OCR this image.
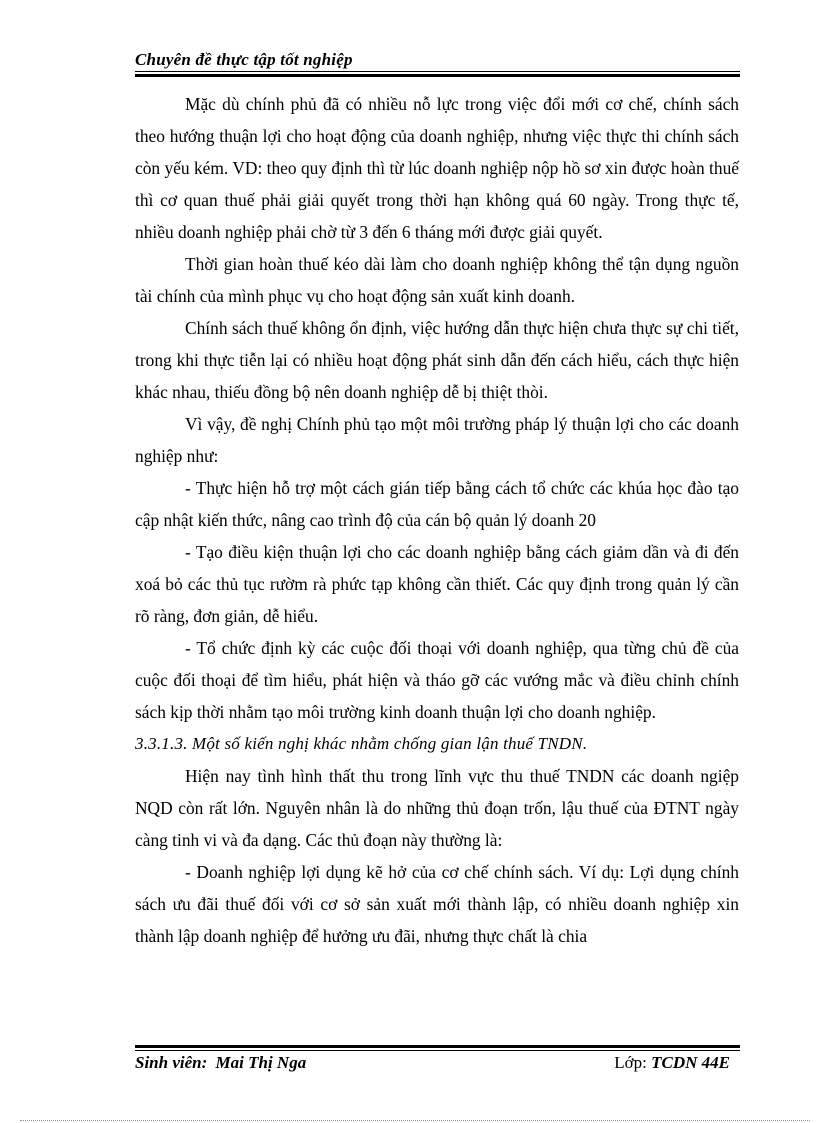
Chuyên đề thực tập tốt nghiệp

Mặc dù chính phủ đã có nhiều nỗ lực trong việc đổi mới cơ chế, chính sách theo hướng thuận lợi cho hoạt động của doanh nghiệp, nhưng việc thực thi chính sách còn yếu kém. VD: theo quy định thì từ lúc doanh nghiệp nộp hồ sơ xin được hoàn thuế thì cơ quan thuế phải giải quyết trong thời hạn không quá 60 ngày. Trong thực tế, nhiều doanh nghiệp phải chờ từ 3 đến 6 tháng mới được giải quyết.

Thời gian hoàn thuế kéo dài làm cho doanh nghiệp không thể tận dụng nguồn tài chính của mình phục vụ cho hoạt động sản xuất kinh doanh.

Chính sách thuế không ổn định, việc hướng dẫn thực hiện chưa thực sự chi tiết, trong khi thực tiễn lại có nhiều hoạt động phát sinh dẫn đến cách hiểu, cách thực hiện khác nhau, thiếu đồng bộ nên doanh nghiệp dễ bị thiệt thòi.

Vì vậy, đề nghị Chính phủ tạo một môi trường pháp lý thuận lợi cho các doanh nghiệp như:

- Thực hiện hỗ trợ một cách gián tiếp bằng cách tổ chức các khúa học đào tạo cập nhật kiến thức, nâng cao trình độ của cán bộ quản lý doanh 20

- Tạo điều kiện thuận lợi cho các doanh nghiệp bằng cách giảm dần và đi đến xoá bỏ các thủ tục rườm rà phức tạp không cần thiết. Các quy định trong quản lý cần rõ ràng, đơn giản, dễ hiểu.

- Tổ chức định kỳ các cuộc đối thoại với doanh nghiệp, qua từng chủ đề của cuộc đối thoại để tìm hiểu, phát hiện và tháo gỡ các vướng mắc và điều chỉnh chính sách kịp thời nhằm tạo môi trường kinh doanh thuận lợi cho doanh nghiệp.

3.3.1.3. Một số kiến nghị khác nhằm chống gian lận thuế TNDN.

Hiện nay tình hình thất thu trong lĩnh vực thu thuế TNDN các doanh ngiệp NQD còn rất lớn. Nguyên nhân là do những thủ đoạn trốn, lậu thuế của ĐTNT ngày càng tinh vi và đa dạng. Các thủ đoạn này thường là:

- Doanh nghiệp lợi dụng kẽ hở của cơ chế chính sách. Ví dụ: Lợi dụng chính sách ưu đãi thuế đối với cơ sở sản xuất mới thành lập, có nhiều doanh nghiệp xin thành lập doanh nghiệp để hưởng ưu đãi, nhưng thực chất là chia

Sinh viên: Mai Thị Nga	Lớp: TCDN 44E
